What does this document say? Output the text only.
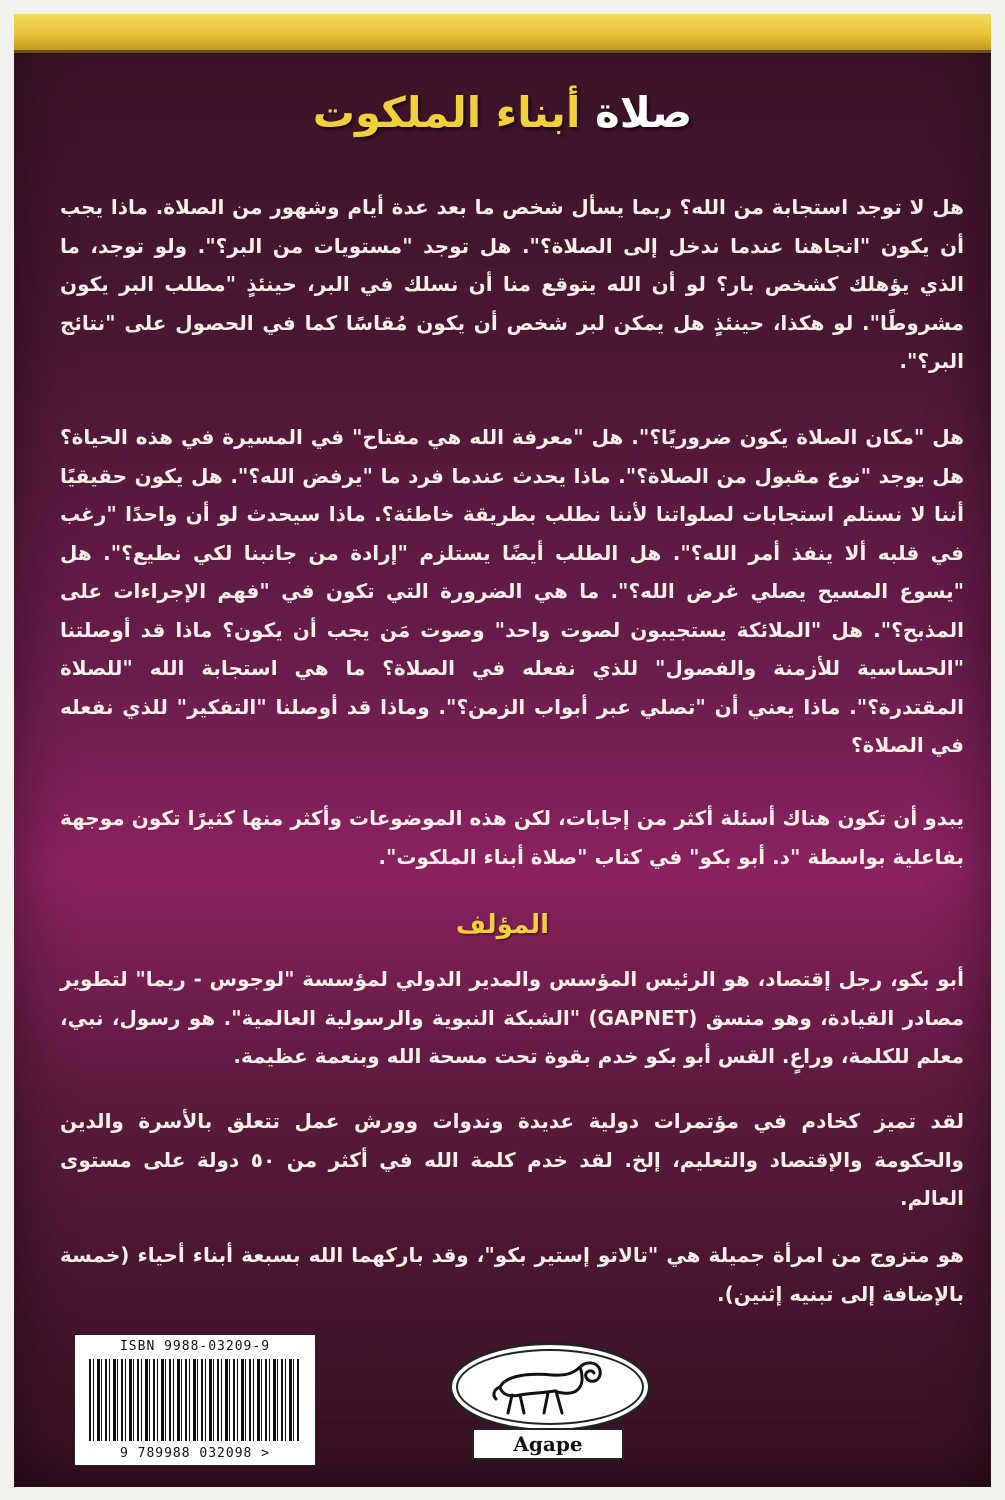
صلاة أبناء الملكوت

هل لا توجد استجابة من الله؟ ربما يسأل شخص ما بعد عدة أيام وشهور من الصلاة. ماذا يجب أن يكون "اتجاهنا عندما ندخل إلى الصلاة؟". هل توجد "مستويات من البر؟". ولو توجد، ما الذي يؤهلك كشخص بار؟ لو أن الله يتوقع منا أن نسلك في البر، حينئذٍ "مطلب البر يكون مشروطًا". لو هكذا، حينئذٍ هل يمكن لبر شخص أن يكون مُقاسًا كما في الحصول على "نتائج البر؟".

هل "مكان الصلاة يكون ضروريًا؟". هل "معرفة الله هي مفتاح" في المسيرة في هذه الحياة؟ هل يوجد "نوع مقبول من الصلاة؟". ماذا يحدث عندما فرد ما "يرفض الله؟". هل يكون حقيقيًا أننا لا نستلم استجابات لصلواتنا لأننا نطلب بطريقة خاطئة؟. ماذا سيحدث لو أن واحدًا "رغب في قلبه ألا ينفذ أمر الله؟". هل الطلب أيضًا يستلزم "إرادة من جانبنا لكي نطيع؟". هل "يسوع المسيح يصلي غرض الله؟". ما هي الضرورة التي تكون في "فهم الإجراءات على المذبح؟". هل "الملائكة يستجيبون لصوت واحد" وصوت مَن يجب أن يكون؟ ماذا قد أوصلتنا "الحساسية للأزمنة والفصول" للذي نفعله في الصلاة؟ ما هي استجابة الله "للصلاة المقتدرة؟". ماذا يعني أن "تصلي عبر أبواب الزمن؟". وماذا قد أوصلنا "التفكير" للذي نفعله في الصلاة؟

يبدو أن تكون هناك أسئلة أكثر من إجابات، لكن هذه الموضوعات وأكثر منها كثيرًا تكون موجهة بفاعلية بواسطة "د. أبو بكو" في كتاب "صلاة أبناء الملكوت".

المؤلف

أبو بكو، رجل إقتصاد، هو الرئيس المؤسس والمدير الدولي لمؤسسة "لوجوس - ريما" لتطوير مصادر القيادة، وهو منسق (GAPNET) "الشبكة النبوية والرسولية العالمية". هو رسول، نبي، معلم للكلمة، وراعٍ. القس أبو بكو خدم بقوة تحت مسحة الله وبنعمة عظيمة.

لقد تميز كخادم في مؤتمرات دولية عديدة وندوات وورش عمل تتعلق بالأسرة والدين والحكومة والإقتصاد والتعليم، إلخ. لقد خدم كلمة الله في أكثر من ٥٠ دولة على مستوى العالم.

هو متزوج من امرأة جميلة هي "تالاتو إستير بكو"، وقد باركهما الله بسبعة أبناء أحياء (خمسة بالإضافة إلى تبنيه إثنين).

ISBN 9988-03209-9
9 789988 032098 >	Agape
